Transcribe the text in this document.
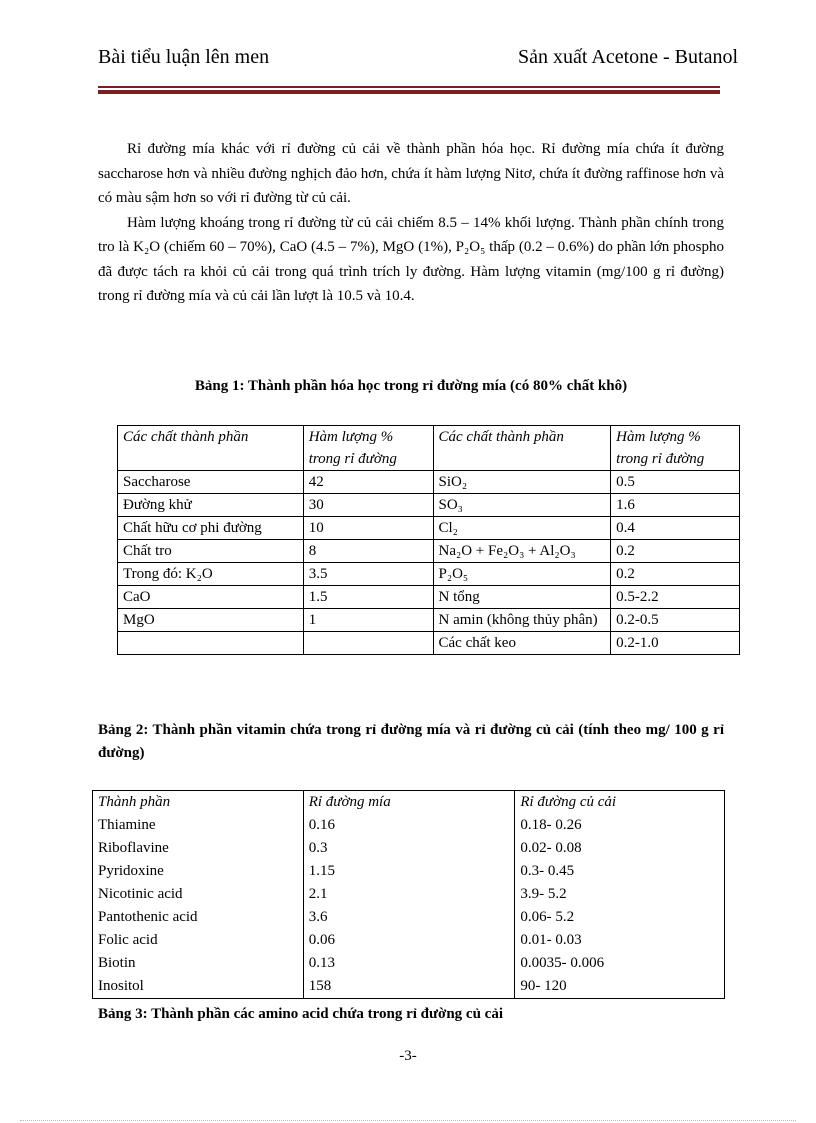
Bài tiểu luận lên men	Sản xuất Acetone - Butanol

Rỉ đường mía khác với rỉ đường củ cải về thành phần hóa học. Rỉ đường mía chứa ít đường saccharose hơn và nhiều đường nghịch đảo hơn, chứa ít hàm lượng Nitơ, chứa ít đường raffinose hơn và có màu sậm hơn so với rỉ đường từ củ cải.

Hàm lượng khoáng trong rỉ đường từ củ cải chiếm 8.5 – 14% khối lượng. Thành phần chính trong tro là K₂O (chiếm 60 – 70%), CaO (4.5 – 7%), MgO (1%), P₂O₅ thấp (0.2 – 0.6%) do phần lớn phospho đã được tách ra khỏi củ cải trong quá trình trích ly đường. Hàm lượng vitamin (mg/100 g rỉ đường) trong rỉ đường mía và củ cải lần lượt là 10.5 và 10.4.

Bảng 1: Thành phần hóa học trong rỉ đường mía (có 80% chất khô)
Các chất thành phần	Hàm lượng % trong rỉ đường	Các chất thành phần	Hàm lượng % trong rỉ đường
Saccharose	42	SiO₂	0.5
Đường khử	30	SO₃	1.6
Chất hữu cơ phi đường	10	Cl₂	0.4
Chất tro	8	Na₂O + Fe₂O₃ + Al₂O₃	0.2
Trong đó: K₂O	3.5	P₂O₅	0.2
CaO	1.5	N tổng	0.5-2.2
MgO	1	N amin (không thủy phân)	0.2-0.5
		Các chất keo	0.2-1.0
Bảng 2: Thành phần vitamin chứa trong rỉ đường mía và rỉ đường củ cải (tính theo mg/ 100 g rỉ đường)
Thành phần	Rỉ đường mía	Rỉ đường củ cải
Thiamine	0.16	0.18- 0.26
Riboflavine	0.3	0.02- 0.08
Pyridoxine	1.15	0.3- 0.45
Nicotinic acid	2.1	3.9- 5.2
Pantothenic acid	3.6	0.06- 5.2
Folic acid	0.06	0.01- 0.03
Biotin	0.13	0.0035- 0.006
Inositol	158	90- 120
Bảng 3: Thành phần các amino acid chứa trong rỉ đường củ cải
-3-
